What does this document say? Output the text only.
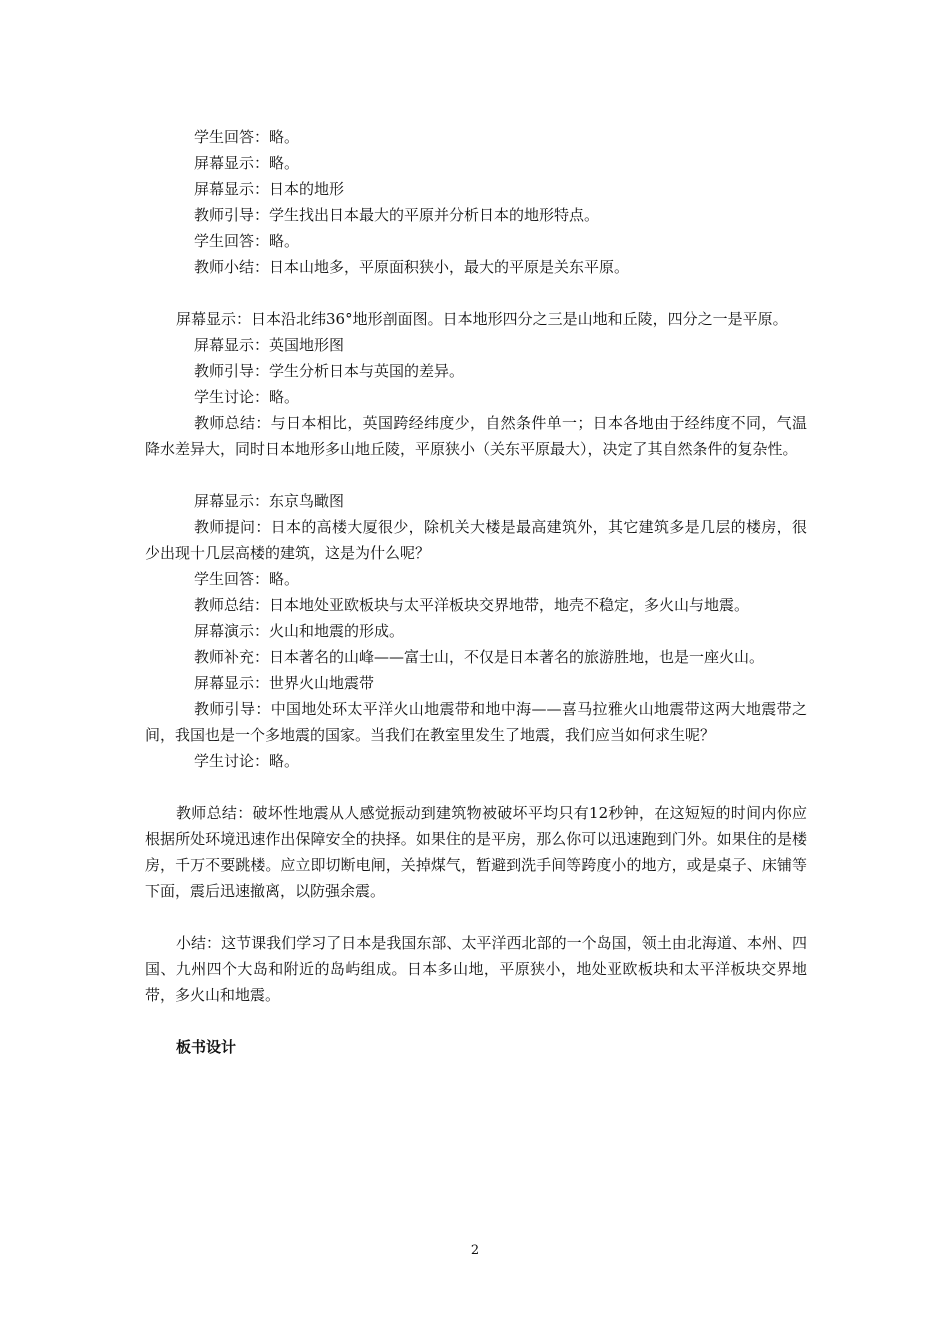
学生回答：略。

屏幕显示：略。

屏幕显示：日本的地形

教师引导：学生找出日本最大的平原并分析日本的地形特点。

学生回答：略。

教师小结：日本山地多，平原面积狭小，最大的平原是关东平原。

屏幕显示：日本沿北纬36°地形剖面图。日本地形四分之三是山地和丘陵，四分之一是平原。

屏幕显示：英国地形图

教师引导：学生分析日本与英国的差异。

学生讨论：略。

教师总结：与日本相比，英国跨经纬度少，自然条件单一；日本各地由于经纬度不同，气温降水差异大，同时日本地形多山地丘陵，平原狭小（关东平原最大），决定了其自然条件的复杂性。

屏幕显示：东京鸟瞰图

教师提问：日本的高楼大厦很少，除机关大楼是最高建筑外，其它建筑多是几层的楼房，很少出现十几层高楼的建筑，这是为什么呢？

学生回答：略。

教师总结：日本地处亚欧板块与太平洋板块交界地带，地壳不稳定，多火山与地震。

屏幕演示：火山和地震的形成。

教师补充：日本著名的山峰——富士山，不仅是日本著名的旅游胜地，也是一座火山。

屏幕显示：世界火山地震带

教师引导：中国地处环太平洋火山地震带和地中海——喜马拉雅火山地震带这两大地震带之间，我国也是一个多地震的国家。当我们在教室里发生了地震，我们应当如何求生呢？

学生讨论：略。

教师总结：破坏性地震从人感觉振动到建筑物被破坏平均只有12秒钟，在这短短的时间内你应根据所处环境迅速作出保障安全的抉择。如果住的是平房，那么你可以迅速跑到门外。如果住的是楼房，千万不要跳楼。应立即切断电闸，关掉煤气，暂避到洗手间等跨度小的地方，或是桌子、床铺等下面，震后迅速撤离，以防强余震。

小结：这节课我们学习了日本是我国东部、太平洋西北部的一个岛国，领土由北海道、本州、四国、九州四个大岛和附近的岛屿组成。日本多山地，平原狭小，地处亚欧板块和太平洋板块交界地带，多火山和地震。

板书设计

2
